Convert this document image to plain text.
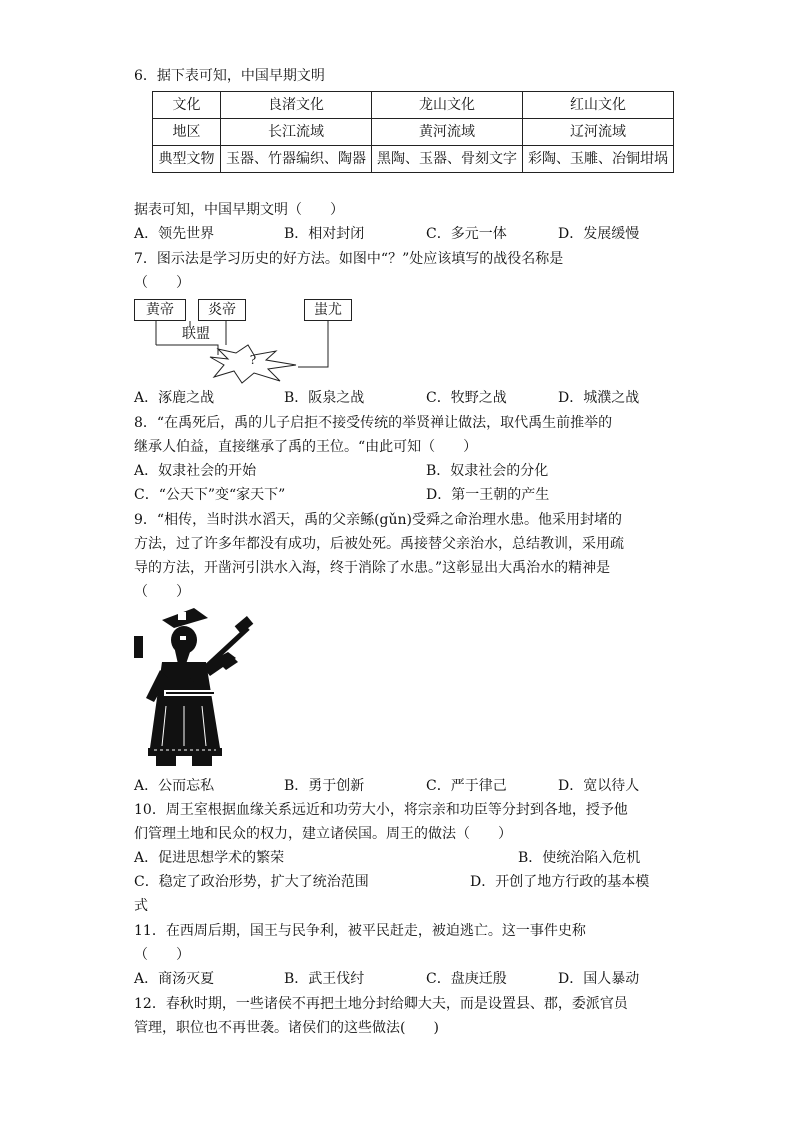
6．据下表可知，中国早期文明
文化	良渚文化	龙山文化	红山文化
地区	长江流域	黄河流域	辽河流域
典型文物	玉器、竹器编织、陶器	黑陶、玉器、骨刻文字	彩陶、玉雕、冶铜坩埚
据表可知，中国早期文明（　　）
A．领先世界	B．相对封闭	C．多元一体	D．发展缓慢
7．图示法是学习历史的好方法。如图中“？”处应该填写的战役名称是
（　　）
黄帝	炎帝	蚩尤
联盟
?
A．涿鹿之战	B．阪泉之战	C．牧野之战	D．城濮之战
8．“在禹死后，禹的儿子启拒不接受传统的举贤禅让做法，取代禹生前推举的
继承人伯益，直接继承了禹的王位。“由此可知（　　）
A．奴隶社会的开始	B．奴隶社会的分化
C．“公天下”变“家天下”	D．第一王朝的产生
9．“相传，当时洪水滔天，禹的父亲鲧(gǔn)受舜之命治理水患。他采用封堵的
方法，过了许多年都没有成功，后被处死。禹接替父亲治水，总结教训，采用疏
导的方法，开凿河引洪水入海，终于消除了水患。”这彰显出大禹治水的精神是
（　　）
A．公而忘私	B．勇于创新	C．严于律己	D．宽以待人
10．周王室根据血缘关系远近和功劳大小，将宗亲和功臣等分封到各地，授予他
们管理土地和民众的权力，建立诸侯国。周王的做法（　　）
A．促进思想学术的繁荣	B．使统治陷入危机
C．稳定了政治形势，扩大了统治范围	D．开创了地方行政的基本模
式
11．在西周后期，国王与民争利，被平民赶走，被迫逃亡。这一事件史称
（　　）
A．商汤灭夏	B．武王伐纣	C．盘庚迁殷	D．国人暴动
12．春秋时期，一些诸侯不再把土地分封给卿大夫，而是设置县、郡，委派官员
管理，职位也不再世袭。诸侯们的这些做法(　　)
